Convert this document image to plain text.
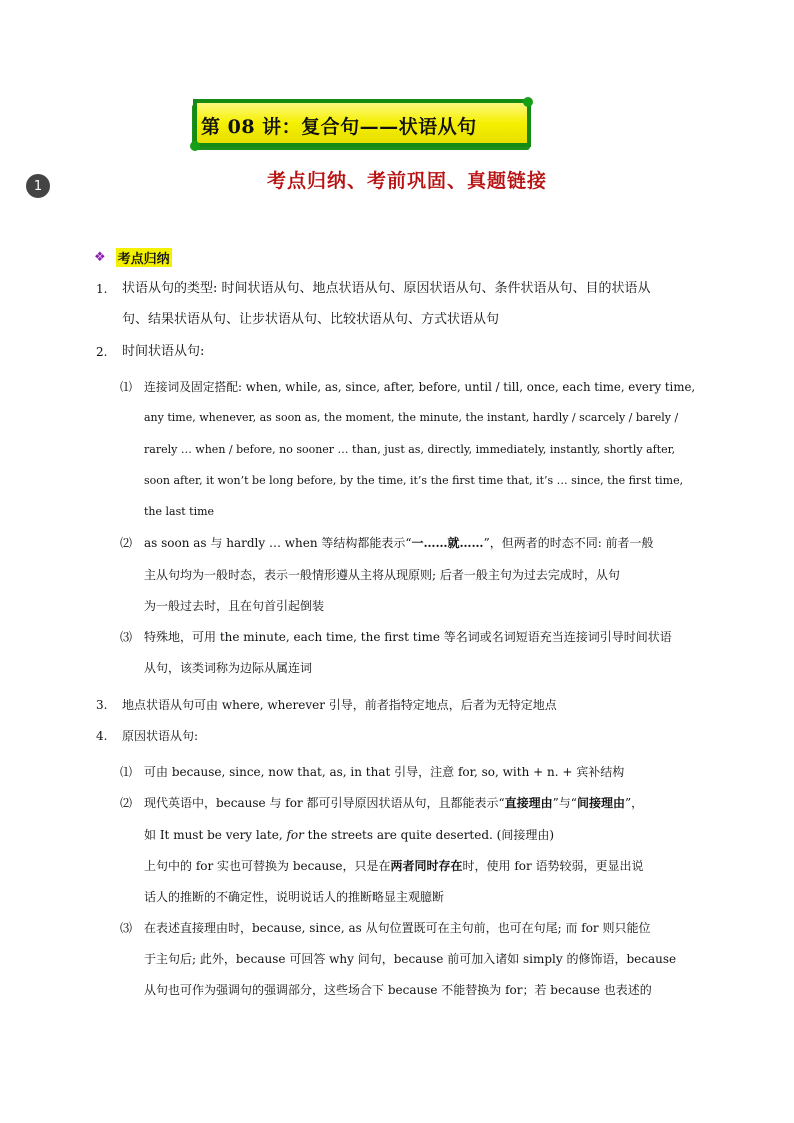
1
第 08 讲：复合句——状语从句
考点归纳、考前巩固、真题链接
❖ 考点归纳
1. 状语从句的类型: 时间状语从句、地点状语从句、原因状语从句、条件状语从句、目的状语从
句、结果状语从句、让步状语从句、比较状语从句、方式状语从句
2. 时间状语从句:
⑴ 连接词及固定搭配: when, while, as, since, after, before, until / till, once, each time, every time,
any time, whenever, as soon as, the moment, the minute, the instant, hardly / scarcely / barely /
rarely … when / before, no sooner … than, just as, directly, immediately, instantly, shortly after,
soon after, it won’t be long before, by the time, it’s the first time that, it’s … since, the first time,
the last time
⑵ as soon as 与 hardly … when 等结构都能表示“一……就……”，但两者的时态不同: 前者一般
主从句均为一般时态，表示一般情形遵从主将从现原则; 后者一般主句为过去完成时，从句
为一般过去时，且在句首引起倒装
⑶ 特殊地，可用 the minute, each time, the first time 等名词或名词短语充当连接词引导时间状语
从句，该类词称为边际从属连词
3. 地点状语从句可由 where, wherever 引导，前者指特定地点，后者为无特定地点
4. 原因状语从句:
⑴ 可由 because, since, now that, as, in that 引导，注意 for, so, with + n. + 宾补结构
⑵ 现代英语中，because 与 for 都可引导原因状语从句，且都能表示“直接理由”与“间接理由”，
如 It must be very late, for the streets are quite deserted. (间接理由)
上句中的 for 实也可替换为 because，只是在两者同时存在时，使用 for 语势较弱，更显出说
话人的推断的不确定性，说明说话人的推断略显主观臆断
⑶ 在表述直接理由时，because, since, as 从句位置既可在主句前，也可在句尾; 而 for 则只能位
于主句后; 此外，because 可回答 why 问句，because 前可加入诸如 simply 的修饰语，because
从句也可作为强调句的强调部分，这些场合下 because 不能替换为 for；若 because 也表述的
